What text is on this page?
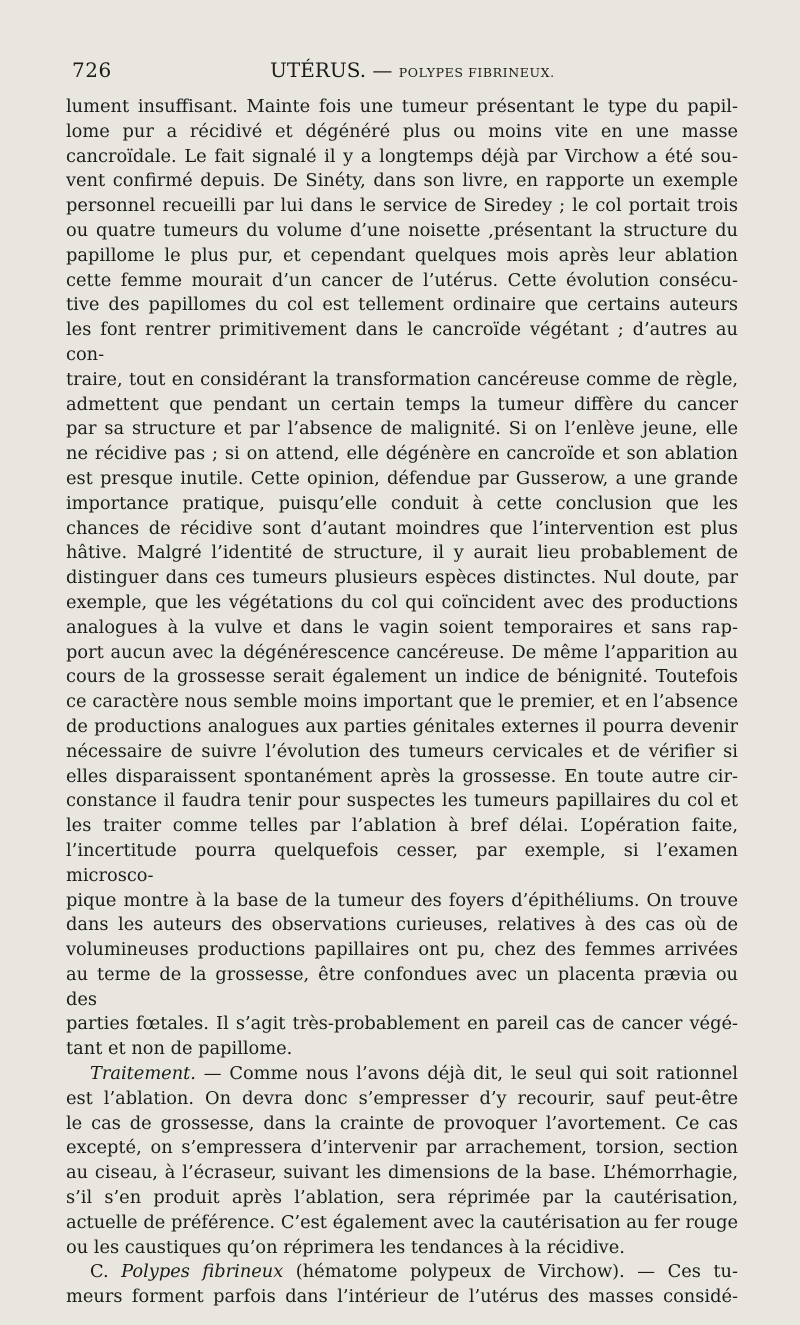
726	UTÉRUS. — POLYPES FIBRINEUX.

lument insuffisant. Mainte fois une tumeur présentant le type du papil-

lome pur a récidivé et dégénéré plus ou moins vite en une masse

cancroïdale. Le fait signalé il y a longtemps déjà par Virchow a été sou-

vent confirmé depuis. De Sinéty, dans son livre, en rapporte un exemple

personnel recueilli par lui dans le service de Siredey ; le col portait trois

ou quatre tumeurs du volume d’une noisette ,présentant la structure du

papillome le plus pur, et cependant quelques mois après leur ablation

cette femme mourait d’un cancer de l’utérus. Cette évolution consécu-

tive des papillomes du col est tellement ordinaire que certains auteurs

les font rentrer primitivement dans le cancroïde végétant ; d’autres au con-

traire, tout en considérant la transformation cancéreuse comme de règle,

admettent que pendant un certain temps la tumeur diffère du cancer

par sa structure et par l’absence de malignité. Si on l’enlève jeune, elle

ne récidive pas ; si on attend, elle dégénère en cancroïde et son ablation

est presque inutile. Cette opinion, défendue par Gusserow, a une grande

importance pratique, puisqu’elle conduit à cette conclusion que les

chances de récidive sont d’autant moindres que l’intervention est plus

hâtive. Malgré l’identité de structure, il y aurait lieu probablement de

distinguer dans ces tumeurs plusieurs espèces distinctes. Nul doute, par

exemple, que les végétations du col qui coïncident avec des productions

analogues à la vulve et dans le vagin soient temporaires et sans rap-

port aucun avec la dégénérescence cancéreuse. De même l’apparition au

cours de la grossesse serait également un indice de bénignité. Toutefois

ce caractère nous semble moins important que le premier, et en l’absence

de productions analogues aux parties génitales externes il pourra devenir

nécessaire de suivre l’évolution des tumeurs cervicales et de vérifier si

elles disparaissent spontanément après la grossesse. En toute autre cir-

constance il faudra tenir pour suspectes les tumeurs papillaires du col et

les traiter comme telles par l’ablation à bref délai. L’opération faite,

l’incertitude pourra quelquefois cesser, par exemple, si l’examen microsco-

pique montre à la base de la tumeur des foyers d’épithéliums. On trouve

dans les auteurs des observations curieuses, relatives à des cas où de

volumineuses productions papillaires ont pu, chez des femmes arrivées

au terme de la grossesse, être confondues avec un placenta prævia ou des

parties fœtales. Il s’agit très-probablement en pareil cas de cancer végé-

tant et non de papillome.

Traitement. — Comme nous l’avons déjà dit, le seul qui soit rationnel

est l’ablation. On devra donc s’empresser d’y recourir, sauf peut-être

le cas de grossesse, dans la crainte de provoquer l’avortement. Ce cas

excepté, on s’empressera d’intervenir par arrachement, torsion, section

au ciseau, à l’écraseur, suivant les dimensions de la base. L’hémorrhagie,

s’il s’en produit après l’ablation, sera réprimée par la cautérisation,

actuelle de préférence. C’est également avec la cautérisation au fer rouge

ou les caustiques qu’on réprimera les tendances à la récidive.

C. Polypes fibrineux (hématome polypeux de Virchow). — Ces tu-

meurs forment parfois dans l’intérieur de l’utérus des masses considé-
